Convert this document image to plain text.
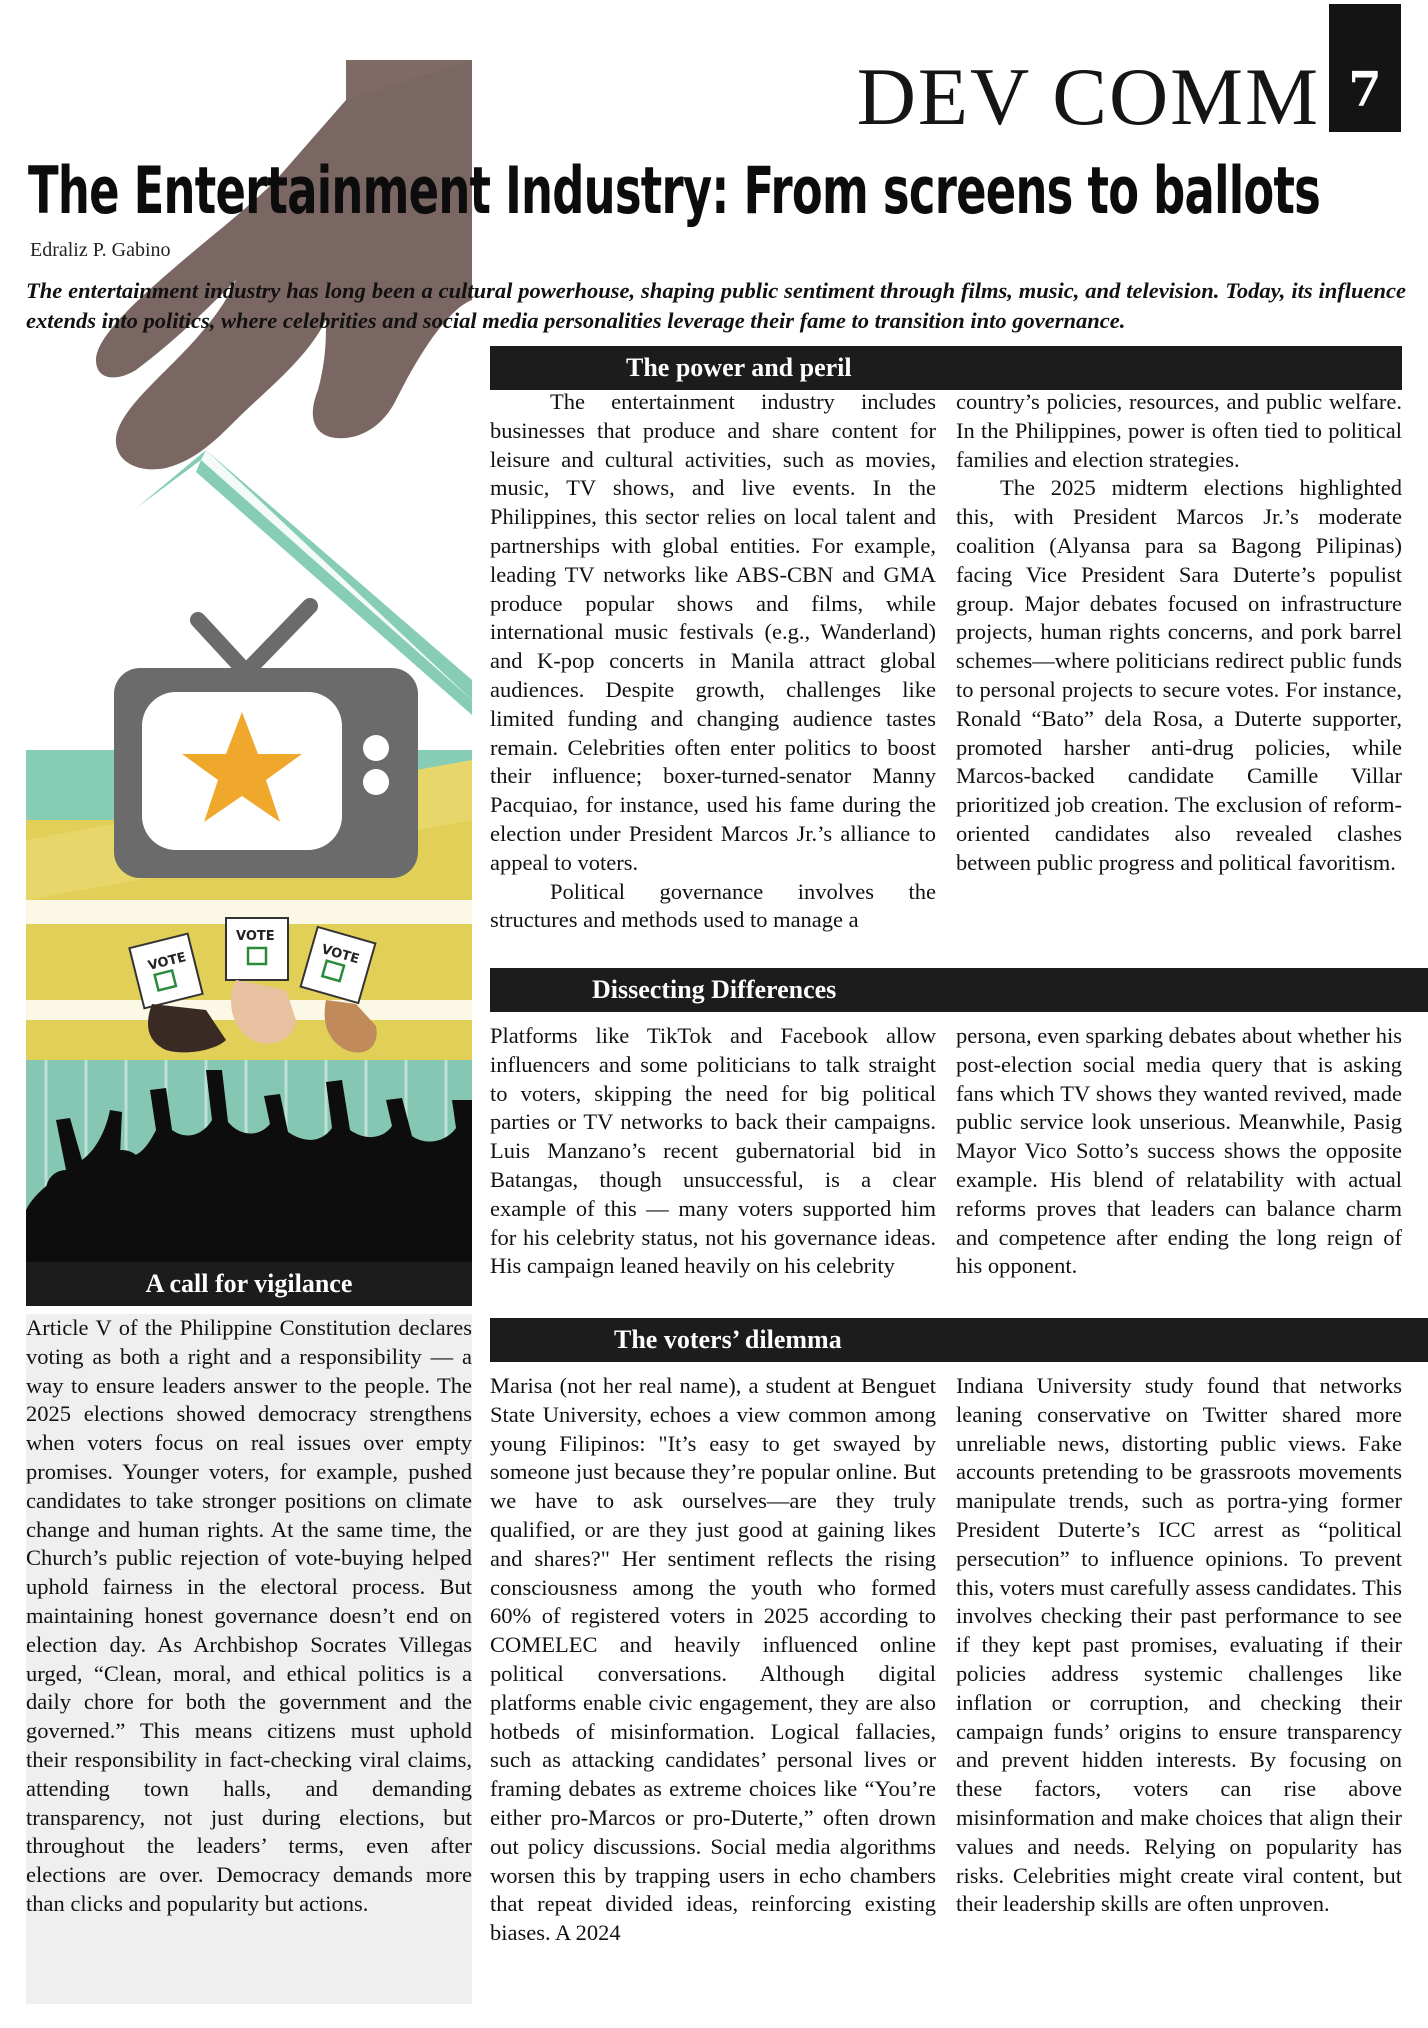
VOTE
VOTE
VOTE
DEV COMM 7
The Entertainment Industry: From screens to ballots
Edraliz P. Gabino
The entertainment industry has long been a cultural powerhouse, shaping public sentiment through films, music, and television. Today, its influence extends into politics, where celebrities and social media personalities leverage their fame to transition into governance.
The power and peril

The entertainment industry includes businesses that produce and share content for leisure and cultural activities, such as movies, music, TV shows, and live events. In the Philippines, this sector relies on local talent and partnerships with global entities. For example, leading TV networks like ABS-CBN and GMA produce popular shows and films, while international music festivals (e.g., Wanderland) and K-pop concerts in Manila attract global audiences. Despite growth, challenges like limited funding and changing audience tastes remain. Celebrities often enter politics to boost their influence; boxer-turned-senator Manny Pacquiao, for instance, used his fame during the election under President Marcos Jr.’s alliance to appeal to voters.

Political governance involves the structures and methods used to manage a

country’s policies, resources, and public welfare. In the Philippines, power is often tied to political families and election strategies.

The 2025 midterm elections highlighted this, with President Marcos Jr.’s moderate coalition (Alyansa para sa Bagong Pilipinas) facing Vice President Sara Duterte’s populist group. Major debates focused on infrastructure projects, human rights concerns, and pork barrel schemes—where politicians redirect public funds to personal projects to secure votes. For instance, Ronald “Bato” dela Rosa, a Duterte supporter, promoted harsher anti-drug policies, while Marcos-backed candidate Camille Villar prioritized job creation. The exclusion of reform-oriented candidates also revealed clashes between public progress and political favoritism.

Dissecting Differences

Platforms like TikTok and Facebook allow influencers and some politicians to talk straight to voters, skipping the need for big political parties or TV networks to back their campaigns. Luis Manzano’s recent gubernatorial bid in Batangas, though unsuccessful, is a clear example of this — many voters supported him for his celebrity status, not his governance ideas. His campaign leaned heavily on his celebrity

persona, even sparking debates about whether his post-election social media query that is asking fans which TV shows they wanted revived, made public service look unserious. Meanwhile, Pasig Mayor Vico Sotto’s success shows the opposite example. His blend of relatability with actual reforms proves that leaders can balance charm and competence after ending the long reign of his opponent.

A call for vigilance

Article V of the Philippine Constitution declares voting as both a right and a responsibility — a way to ensure leaders answer to the people. The 2025 elections showed democracy strengthens when voters focus on real issues over empty promises. Younger voters, for example, pushed candidates to take stronger positions on climate change and human rights. At the same time, the Church’s public rejection of vote-buying helped uphold fairness in the electoral process. But maintaining honest governance doesn’t end on election day. As Archbishop Socrates Villegas urged, “Clean, moral, and ethical politics is a daily chore for both the government and the governed.” This means citizens must uphold their responsibility in fact-checking viral claims, attending town halls, and demanding transparency, not just during elections, but throughout the leaders’ terms, even after elections are over. Democracy demands more than clicks and popularity but actions.

The voters’ dilemma

Marisa (not her real name), a student at Benguet State University, echoes a view common among young Filipinos: "It’s easy to get swayed by someone just because they’re popular online. But we have to ask ourselves—are they truly qualified, or are they just good at gaining likes and shares?" Her sentiment reflects the rising consciousness among the youth who formed 60% of registered voters in 2025 according to COMELEC and heavily influenced online political conversations. Although digital platforms enable civic engagement, they are also hotbeds of misinformation. Logical fallacies, such as attacking candidates’ personal lives or framing debates as extreme choices like “You’re either pro-Marcos or pro-Duterte,” often drown out policy discussions. Social media algorithms worsen this by trapping users in echo chambers that repeat divided ideas, reinforcing existing biases. A 2024

Indiana University study found that networks leaning conservative on Twitter shared more unreliable news, distorting public views. Fake accounts pretending to be grassroots movements manipulate trends, such as portra-ying former President Duterte’s ICC arrest as “political persecution” to influence opinions. To prevent this, voters must carefully assess candidates. This involves checking their past performance to see if they kept past promises, evaluating if their policies address systemic challenges like inflation or corruption, and checking their campaign funds’ origins to ensure transparency and prevent hidden interests. By focusing on these factors, voters can rise above misinformation and make choices that align their values and needs. Relying on popularity has risks. Celebrities might create viral content, but their leadership skills are often unproven.
